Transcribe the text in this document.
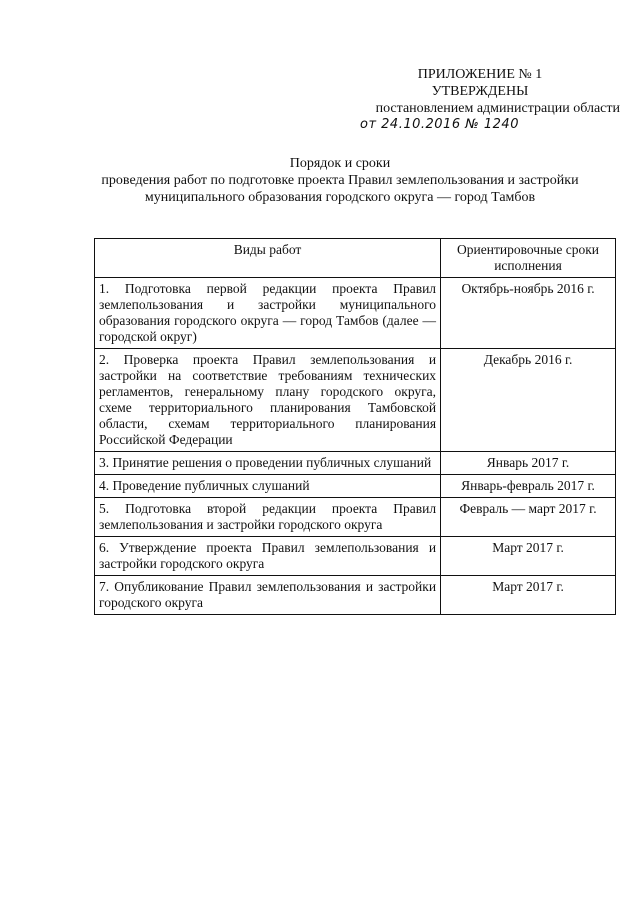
ПРИЛОЖЕНИЕ № 1
УТВЕРЖДЕНЫ
постановлением администрации области
от 24.10.2016 № 1240
Порядок и сроки
проведения работ по подготовке проекта Правил землепользования и застройки
муниципального образования городского округа — город Тамбов
Виды работ	Ориентировочные сроки исполнения
1. Подготовка первой редакции проекта Правил землепользования и застройки муниципального образования городского округа — город Тамбов (далее — городской округ)	Октябрь-ноябрь 2016 г.
2. Проверка проекта Правил землепользования и застройки на соответствие требованиям технических регламентов, генеральному плану городского округа, схеме территориального планирования Тамбовской области, схемам территориального планирования Российской Федерации	Декабрь 2016 г.
3. Принятие решения о проведении публичных слушаний	Январь 2017 г.
4. Проведение публичных слушаний	Январь-февраль 2017 г.
5. Подготовка второй редакции проекта Правил землепользования и застройки городского округа	Февраль — март 2017 г.
6. Утверждение проекта Правил землепользования и застройки городского округа	Март 2017 г.
7. Опубликование Правил землепользования и застройки городского округа	Март 2017 г.
